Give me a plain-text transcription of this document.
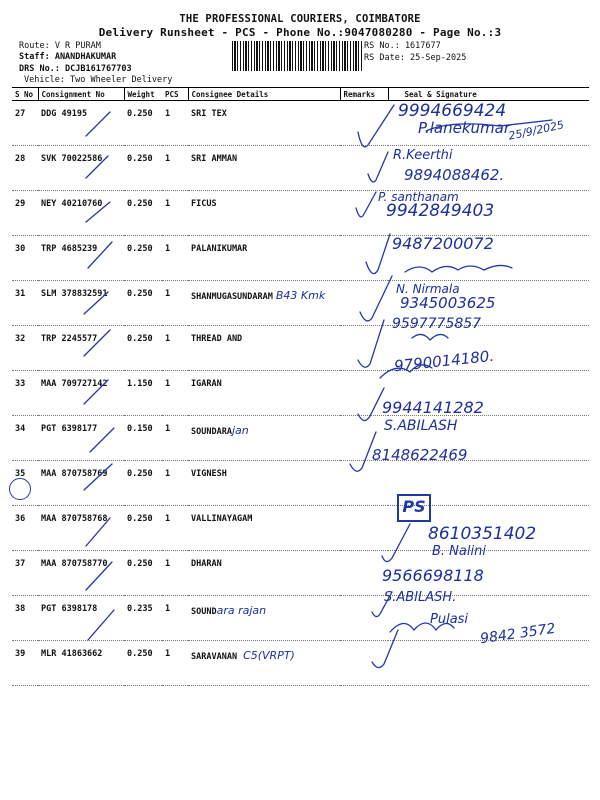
THE PROFESSIONAL COURIERS, COIMBATORE
Delivery Runsheet - PCS - Phone No.:9047080280 - Page No.:3
Route: V R PURAM
Staff: ANANDHAKUMAR
DRS No.: DCJB161767703
Vehicle: Two Wheeler Delivery
RS No.: 1617677
RS Date: 25-Sep-2025
S No	Consignment No	Weight	PCS	Consignee Details	Remarks	Seal & Signature
27	DDG 49195	0.250	1	SRI TEX		
28	SVK 70022586	0.250	1	SRI AMMAN		
29	NEY 40210760	0.250	1	FICUS		
30	TRP 4685239	0.250	1	PALANIKUMAR		
31	SLM 378832591	0.250	1	SHANMUGASUNDARAM B43 Kmk		
32	TRP 2245577	0.250	1	THREAD AND		
33	MAA 709727142	1.150	1	IGARAN		
34	PGT 6398177	0.150	1	SOUNDARAjan		
35	MAA 870758769	0.250	1	VIGNESH		
36	MAA 870758768	0.250	1	VALLINAYAGAM		
37	MAA 870758770	0.250	1	DHARAN		
38	PGT 6398178	0.235	1	SOUNDara rajan		
39	MLR 41863662	0.250	1	SARAVANAN C5(VRPT)		
PS
9994669424
P.lanekumar
25/9/2025
R.Keerthi
9894088462.
P. santhanam
9942849403
9487200072
N. Nirmala
9345003625
9597775857
9790014180.
9944141282
S.ABILASH
8148622469
8610351402
B. Nalini
9566698118
S.ABILASH.
Pulasi
9842 3572
